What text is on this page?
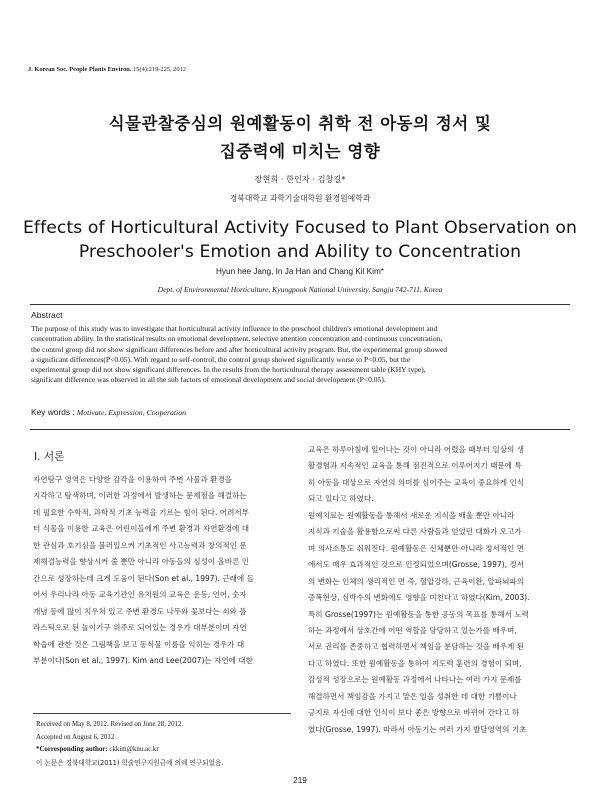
J. Korean Soc. People Plants Environ. 15(4):219-225, 2012
식물관찰중심의 원예활동이 취학 전 아동의 정서 및
집중력에 미치는 영향
장현희 · 한인자 · 김창길*
경북대학교 과학기술대학원 환경원예학과
Effects of Horticultural Activity Focused to Plant Observation on
Preschooler's Emotion and Ability to Concentration
Hyun hee Jang, In Ja Han and Chang Kil Kim*
Dept. of Environmental Horticulture, Kyungpook National University, Sangju 742-711, Korea
Abstract
The purpose of this study was to investigate that horticultural activity influence to the preschool children's emotional development and
concentration ability. In the statistical results on emotional development, selective attention concentration and continuous concentration,
the control group did not show significant differences before and after horticultural activity program. But, the experimental group showed
a significant differences(P<0.05). With regard to self-control, the control group showed significantly worse to P<0.05, but the
experimental group did not show significant differences. In the results from the horticultural therapy assessment table (KHY type),
significant difference was observed in all the sub factors of emotional development and social development (P<0.05).
Key words : Motivate, Expression, Cooperation
I. 서론
자연탐구 영역은 다양한 감각을 이용하여 주변 사물과 환경을
지각하고 탐색하며, 이러한 과정에서 발생하는 문제점을 해결하는
데 필요한 수학적, 과학적 기초 능력을 기르는 힘이 된다. 어려서부
터 식물을 이용한 교육은 어린이들에게 주변 환경과 자연환경에 대
한 관심과 호기심을 불러일으켜 기초적인 사고능력과 창의적인 문
제해결능력을 향상시켜 줄 뿐만 아니라 아동들의 심성이 올바른 인
간으로 성장하는데 크게 도움이 된다(Son et al., 1997). 근래에 들
어서 우리나라 아동 교육기관인 유치원의 교육은 운동, 언어, 숫자
개념 등에 많이 치우쳐 있고 주변 환경도 나무와 꽃보다는 쇠와 플
라스틱으로 된 놀이기구 위주로 되어있는 경우가 대부분이며 자연
학습에 관한 것은 그림책을 보고 동식물 이름을 익히는 경우가 대
부분이다(Son et al., 1997). Kim and Lee(2007)는 자연에 대한
교육은 하루아침에 일어나는 것이 아니라 어렸을 때부터 일상의 생
활경험과 지속적인 교육을 통해 점진적으로 이루어지기 때문에 특
히 아동을 대상으로 자연의 의미를 심어주는 교육이 중요하게 인식
되고 있다고 하였다.
원예치료는 원예활동을 통해서 새로운 지식을 배울 뿐만 아니라
지식과 기술을 활용함으로써 다른 사람들과 얻었던 대화가 오고가
며 의사소통도 쉬워진다. 원예활동은 신체뿐만 아니라 정서적인 면
에서도 매우 효과적인 것으로 인정되었으며(Grosse, 1997), 정서
의 변화는 인체의 생리적인 면 즉, 혈압강하, 근육이완, 알파뇌파의
증폭현상, 심박수의 변화에도 영향을 미친다고 하였다(Kim, 2003).
특히 Grosse(1997)는 원예활동을 통한 공동의 목표를 통해서 노력
하는 과정에서 상호간에 어떤 역할을 담당하고 있는가를 배우며,
서로 권리를 존중하고 협력하면서 책임을 분담하는 것을 배우게 된
다고 하였다. 또한 원예활동을 통하여 지도력 훈련의 경험이 되며,
감성적 성장으로는 원예활동 과정에서 나타나는 여러 가지 문제를
해결하면서 책임감을 가지고 맡은 일을 성취한 데 대한 기쁨이나
긍지로 자신에 대한 인식이 보다 좋은 방향으로 바뀌어 간다고 하
였다(Grosse, 1997). 따라서 아동기는 여러 가지 발달영역의 기초
Received on May 8, 2012. Revised on June 28, 2012.
Accepted on August 6, 2012
*Corresponding author: ckkim@knu.ac.kr
이 논문은 경북대학교(2011) 학술연구지원금에 의해 연구되었음.
219
